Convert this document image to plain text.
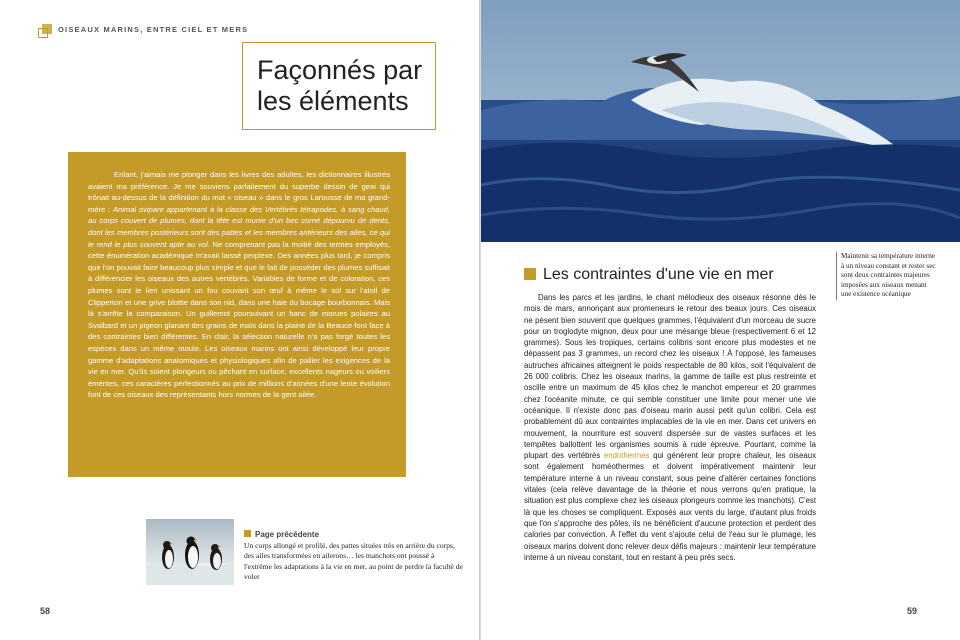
OISEAUX MARINS, ENTRE CIEL ET MERS
Façonnés par
les éléments

Enfant, j'aimais me plonger dans les livres des adultes, les dictionnaires illustrés avaient ma préférence. Je me souviens parfaitement du superbe dessin de geai qui trônait au-dessus de la définition du mot « oiseau » dans le gros Larousse de ma grand-mère : Animal ovipare appartenant à la classe des Vertébrés tétrapodes, à sang chaud, au corps couvert de plumes, dont la tête est munie d'un bec corné dépourvu de dents, dont les membres postérieurs sont des pattes et les membres antérieurs des ailes, ce qui le rend le plus souvent apte au vol. Ne comprenant pas la moitié des termes employés, cette énumération académique m'avait laissé perplexe. Des années plus tard, je compris que l'on pouvait faire beaucoup plus simple et que le fait de posséder des plumes suffisait à différencier les oiseaux des autres vertébrés. Variables de forme et de coloration, ces plumes sont le lien unissant un fou couvant son œuf à même le sol sur l'atoll de Clipperton et une grive blottie dans son nid, dans une haie du bocage bourbonnais. Mais là s'arrête la comparaison. Un guillemot poursuivant un banc de morues polaires au Svalbard et un pigeon glanant des grains de maïs dans la plaine de la Beauce font face à des contraintes bien différentes. En clair, la sélection naturelle n'a pas forgé toutes les espèces dans un même moule. Les oiseaux marins ont ainsi développé leur propre gamme d'adaptations anatomiques et physiologiques afin de pallier les exigences de la vie en mer. Qu'ils soient plongeurs ou pêchant en surface, excellents nageurs ou voiliers émérites, ces caractères perfectionnés au prix de millions d'années d'une lente évolution font de ces oiseaux des représentants hors normes de la gent ailée.

Page précédente
Un corps allongé et profilé, des pattes situées très en arrière du corps, des ailes transformées en ailerons… les manchots ont poussé à l'extrême les adaptations à la vie en mer, au point de perdre la faculté de voler
58
Maintenir sa température interne à un niveau constant et rester sec sont deux contraintes majeures imposées aux oiseaux menant une existence océanique
Les contraintes d'une vie en mer

Dans les parcs et les jardins, le chant mélodieux des oiseaux résonne dès le mois de mars, annonçant aux promeneurs le retour des beaux jours. Ces oiseaux ne pèsent bien souvent que quelques grammes, l'équivalent d'un morceau de sucre pour un troglodyte mignon, deux pour une mésange bleue (respectivement 6 et 12 grammes). Sous les tropiques, certains colibris sont encore plus modestes et ne dépassent pas 3 grammes, un record chez les oiseaux ! À l'opposé, les fameuses autruches africaines atteignent le poids respectable de 80 kilos, soit l'équivalent de 26 000 colibris. Chez les oiseaux marins, la gamme de taille est plus restreinte et oscille entre un maximum de 45 kilos chez le manchot empereur et 20 grammes chez l'océanite minute, ce qui semble constituer une limite pour mener une vie océanique. Il n'existe donc pas d'oiseau marin aussi petit qu'un colibri. Cela est probablement dû aux contraintes implacables de la vie en mer. Dans cet univers en mouvement, la nourriture est souvent dispersée sur de vastes surfaces et les tempêtes ballottent les organismes soumis à rude épreuve. Pourtant, comme la plupart des vertébrés endothermes qui génèrent leur propre chaleur, les oiseaux sont également homéothermes et doivent impérativement maintenir leur température interne à un niveau constant, sous peine d'altérer certaines fonctions vitales (cela relève davantage de la théorie et nous verrons qu'en pratique, la situation est plus complexe chez les oiseaux plongeurs comme les manchots). C'est là que les choses se compliquent. Exposés aux vents du large, d'autant plus froids que l'on s'approche des pôles, ils ne bénéficient d'aucune protection et perdent des calories par convection. À l'effet du vent s'ajoute celui de l'eau sur le plumage, les oiseaux marins doivent donc relever deux défis majeurs : maintenir leur température interne à un niveau constant, tout en restant à peu près secs.

59
